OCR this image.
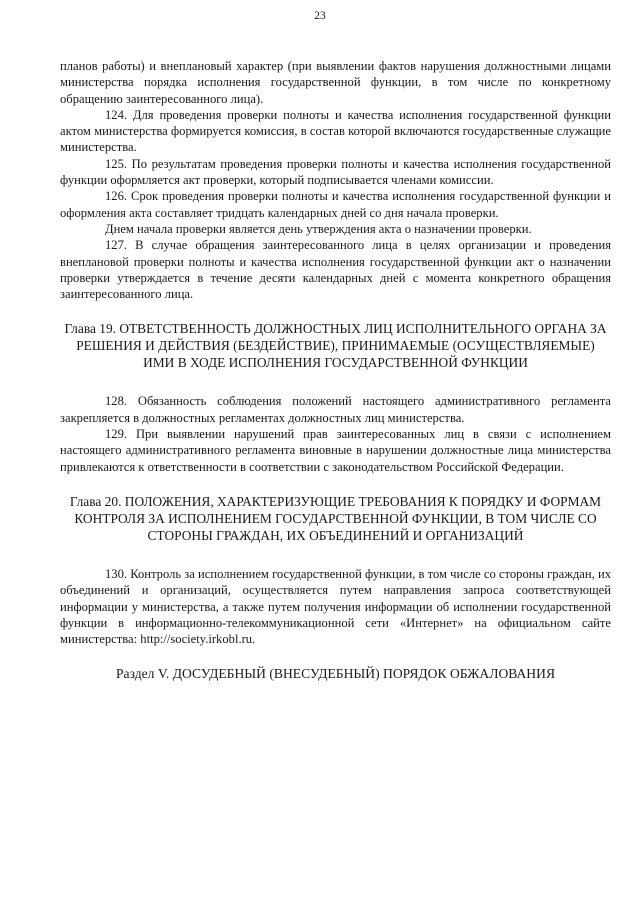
23

планов работы) и внеплановый характер (при выявлении фактов нарушения должностными лицами министерства порядка исполнения государственной функции, в том числе по конкретному обращению заинтересованного лица).

124. Для проведения проверки полноты и качества исполнения государственной функции актом министерства формируется комиссия, в состав которой включаются государственные служащие министерства.

125. По результатам проведения проверки полноты и качества исполнения государственной функции оформляется акт проверки, который подписывается членами комиссии.

126. Срок проведения проверки полноты и качества исполнения государственной функции и оформления акта составляет тридцать календарных дней со дня начала проверки.

Днем начала проверки является день утверждения акта о назначении проверки.

127. В случае обращения заинтересованного лица в целях организации и проведения внеплановой проверки полноты и качества исполнения государственной функции акт о назначении проверки утверждается в течение десяти календарных дней с момента конкретного обращения заинтересованного лица.

Глава 19. ОТВЕТСТВЕННОСТЬ ДОЛЖНОСТНЫХ ЛИЦ ИСПОЛНИТЕЛЬНОГО ОРГАНА ЗА РЕШЕНИЯ И ДЕЙСТВИЯ (БЕЗДЕЙСТВИЕ), ПРИНИМАЕМЫЕ (ОСУЩЕСТВЛЯЕМЫЕ) ИМИ В ХОДЕ ИСПОЛНЕНИЯ ГОСУДАРСТВЕННОЙ ФУНКЦИИ

128. Обязанность соблюдения положений настоящего административного регламента закрепляется в должностных регламентах должностных лиц министерства.

129. При выявлении нарушений прав заинтересованных лиц в связи с исполнением настоящего административного регламента виновные в нарушении должностные лица министерства привлекаются к ответственности в соответствии с законодательством Российской Федерации.

Глава 20. ПОЛОЖЕНИЯ, ХАРАКТЕРИЗУЮЩИЕ ТРЕБОВАНИЯ К ПОРЯДКУ И ФОРМАМ КОНТРОЛЯ ЗА ИСПОЛНЕНИЕМ ГОСУДАРСТВЕННОЙ ФУНКЦИИ, В ТОМ ЧИСЛЕ СО СТОРОНЫ ГРАЖДАН, ИХ ОБЪЕДИНЕНИЙ И ОРГАНИЗАЦИЙ

130. Контроль за исполнением государственной функции, в том числе со стороны граждан, их объединений и организаций, осуществляется путем направления запроса соответствующей информации у министерства, а также путем получения информации об исполнении государственной функции в информационно-телекоммуникационной сети «Интернет» на официальном сайте министерства: http://society.irkobl.ru.

Раздел V. ДОСУДЕБНЫЙ (ВНЕСУДЕБНЫЙ) ПОРЯДОК ОБЖАЛОВАНИЯ
